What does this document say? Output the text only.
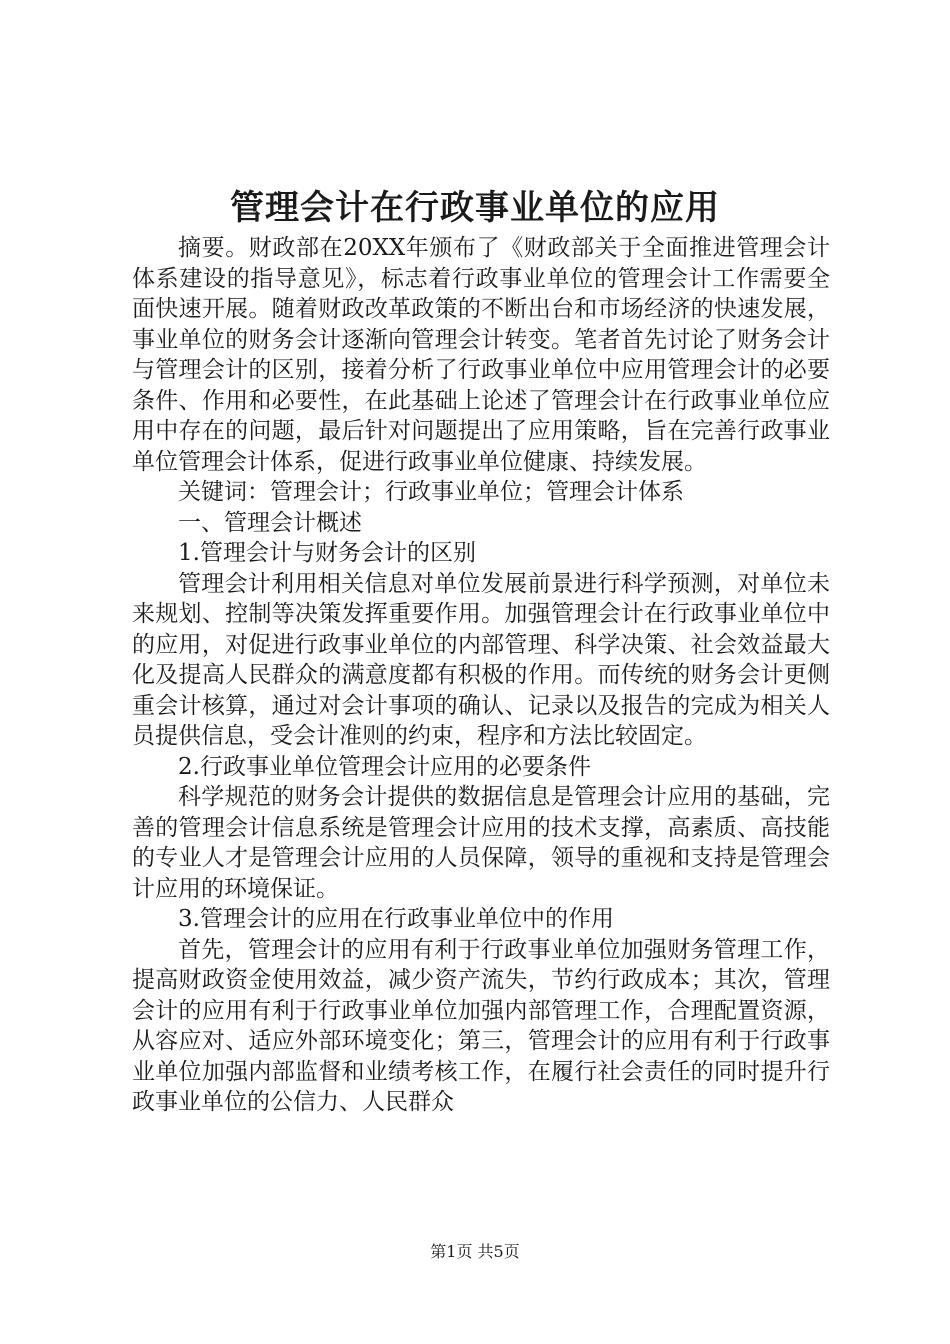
管理会计在行政事业单位的应用

摘要。财政部在20XX年颁布了《财政部关于全面推进管理会计体系建设的指导意见》，标志着行政事业单位的管理会计工作需要全面快速开展。随着财政改革政策的不断出台和市场经济的快速发展，事业单位的财务会计逐渐向管理会计转变。笔者首先讨论了财务会计与管理会计的区别，接着分析了行政事业单位中应用管理会计的必要条件、作用和必要性，在此基础上论述了管理会计在行政事业单位应用中存在的问题，最后针对问题提出了应用策略，旨在完善行政事业单位管理会计体系，促进行政事业单位健康、持续发展。

关键词：管理会计；行政事业单位；管理会计体系

一、管理会计概述

1.管理会计与财务会计的区别

管理会计利用相关信息对单位发展前景进行科学预测，对单位未来规划、控制等决策发挥重要作用。加强管理会计在行政事业单位中的应用，对促进行政事业单位的内部管理、科学决策、社会效益最大化及提高人民群众的满意度都有积极的作用。而传统的财务会计更侧重会计核算，通过对会计事项的确认、记录以及报告的完成为相关人员提供信息，受会计准则的约束，程序和方法比较固定。

2.行政事业单位管理会计应用的必要条件

科学规范的财务会计提供的数据信息是管理会计应用的基础，完善的管理会计信息系统是管理会计应用的技术支撑，高素质、高技能的专业人才是管理会计应用的人员保障，领导的重视和支持是管理会计应用的环境保证。

3.管理会计的应用在行政事业单位中的作用

首先，管理会计的应用有利于行政事业单位加强财务管理工作，提高财政资金使用效益，减少资产流失，节约行政成本；其次，管理会计的应用有利于行政事业单位加强内部管理工作，合理配置资源，从容应对、适应外部环境变化；第三，管理会计的应用有利于行政事业单位加强内部监督和业绩考核工作，在履行社会责任的同时提升行政事业单位的公信力、人民群众

第1页 共5页
